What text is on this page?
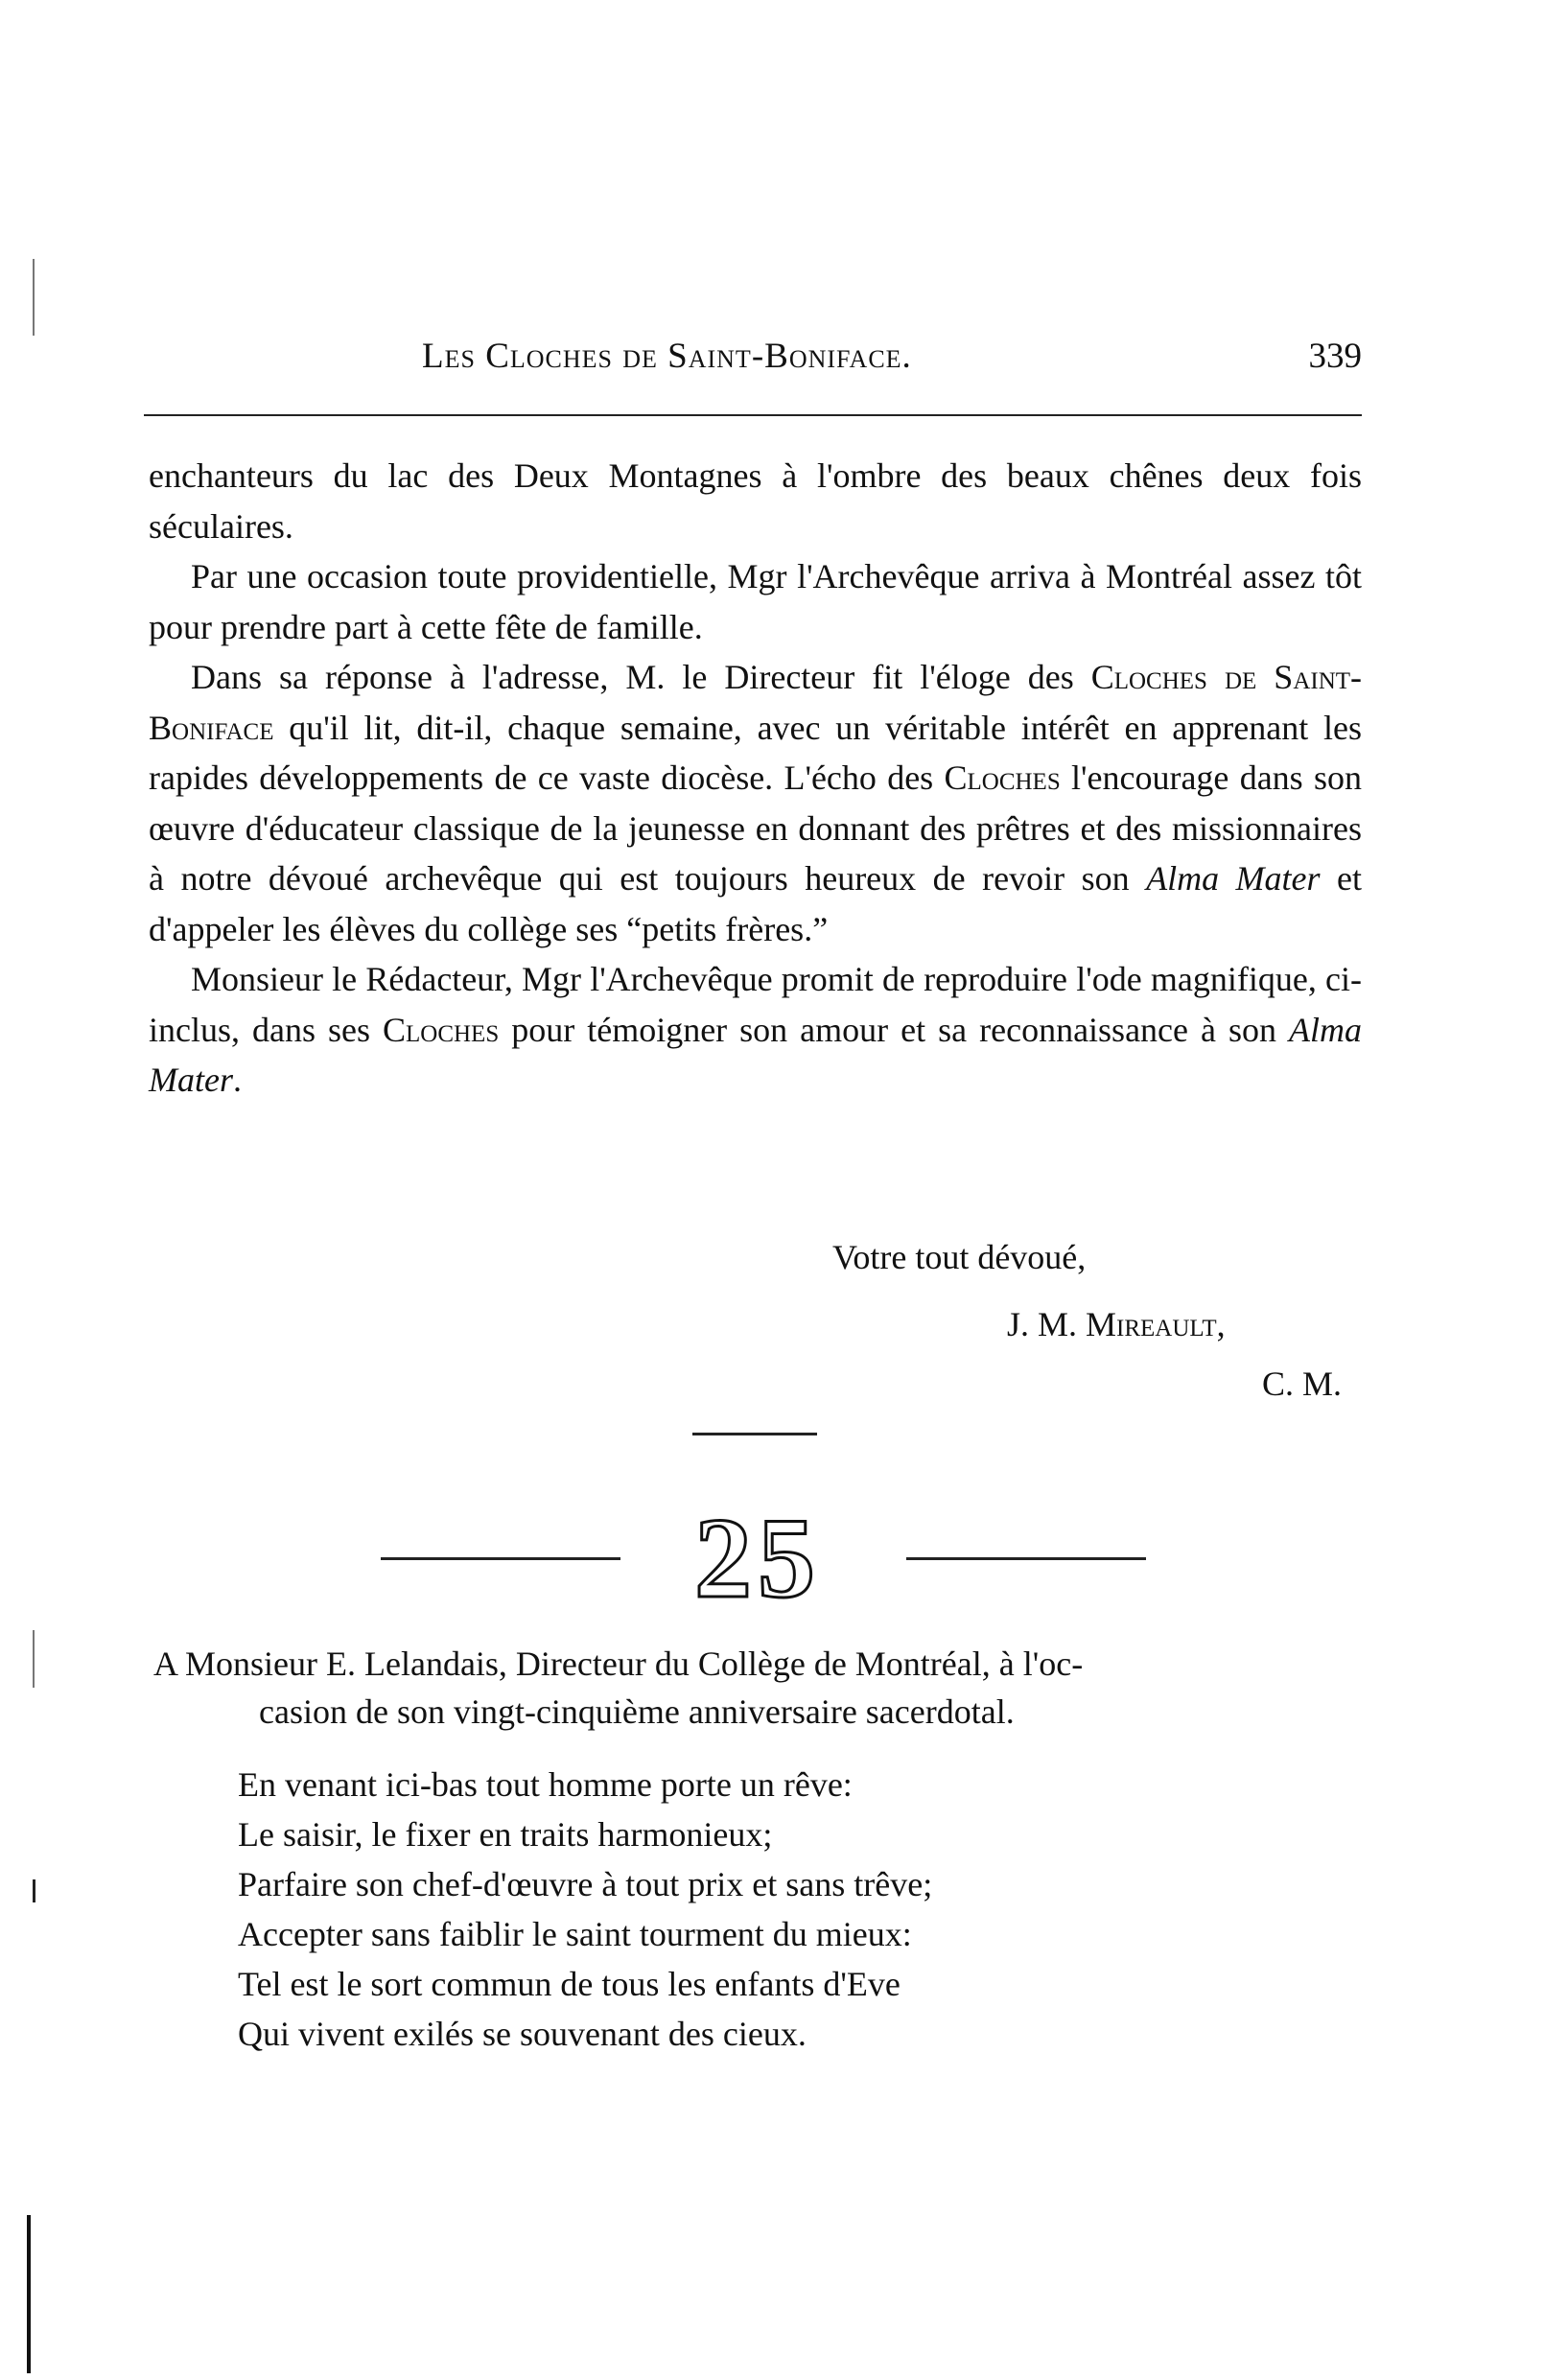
Les Cloches de Saint-Boniface.	339

enchanteurs du lac des Deux Montagnes à l'ombre des beaux chênes deux fois séculaires.

Par une occasion toute providentielle, Mgr l'Archevêque arriva à Montréal assez tôt pour prendre part à cette fête de famille.

Dans sa réponse à l'adresse, M. le Directeur fit l'éloge des Cloches de Saint-Boniface qu'il lit, dit-il, chaque semaine, avec un véritable intérêt en apprenant les rapides développements de ce vaste diocèse. L'écho des Cloches l'encourage dans son œuvre d'éducateur classique de la jeunesse en donnant des prêtres et des missionnaires à notre dévoué archevêque qui est toujours heureux de revoir son Alma Mater et d'appeler les élèves du collège ses “petits frères.”

Monsieur le Rédacteur, Mgr l'Archevêque promit de reproduire l'ode magnifique, ci-inclus, dans ses Cloches pour témoigner son amour et sa reconnaissance à son Alma Mater.

Votre tout dévoué,
J. M. Mireault,
C. M.
25
A Monsieur E. Lelandais, Directeur du Collège de Montréal, à l'oc-
casion de son vingt-cinquième anniversaire sacerdotal.
En venant ici-bas tout homme porte un rêve:
Le saisir, le fixer en traits harmonieux;
Parfaire son chef-d'œuvre à tout prix et sans trêve;
Accepter sans faiblir le saint tourment du mieux:
Tel est le sort commun de tous les enfants d'Eve
Qui vivent exilés se souvenant des cieux.
